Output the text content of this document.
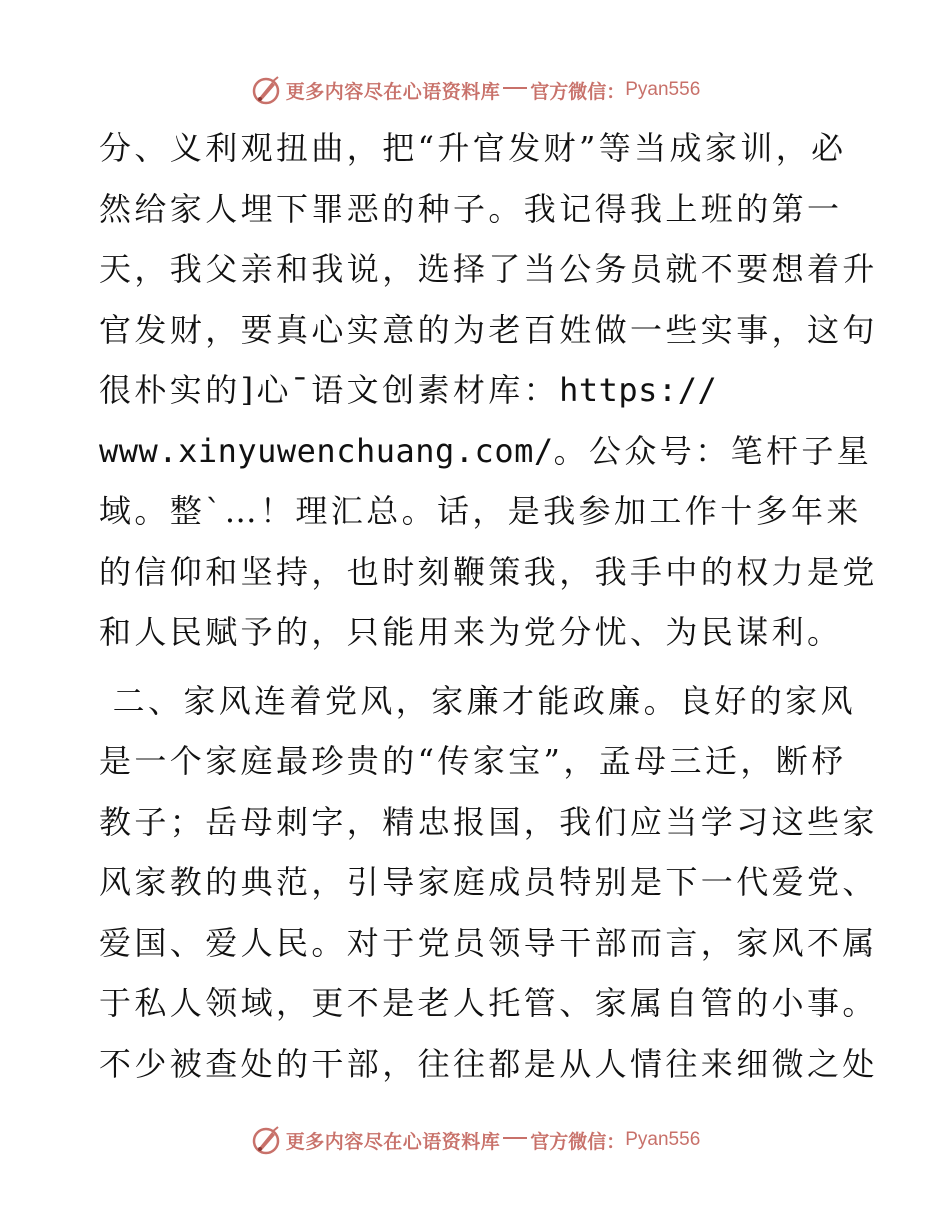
更多内容尽在心语资料库 官方微信： Pyan556
分、义利观扭曲，把“升官发财”等当成家训，必
然给家人埋下罪恶的种子。我记得我上班的第一
天，我父亲和我说，选择了当公务员就不要想着升
官发财，要真心实意的为老百姓做一些实事，这句
很朴实的]心¯语文创素材库：https://
www.xinyuwenchuang.com/。公众号：笔杆子星
域。整`…！理汇总。话，是我参加工作十多年来
的信仰和坚持，也时刻鞭策我，我手中的权力是党
和人民赋予的，只能用来为党分忧、为民谋利。
二、家风连着党风，家廉才能政廉。良好的家风
是一个家庭最珍贵的“传家宝”，孟母三迁，断杼
教子；岳母刺字，精忠报国，我们应当学习这些家
风家教的典范，引导家庭成员特别是下一代爱党、
爱国、爱人民。对于党员领导干部而言，家风不属
于私人领域，更不是老人托管、家属自管的小事。
不少被查处的干部，往往都是从人情往来细微之处
更多内容尽在心语资料库 官方微信： Pyan556
